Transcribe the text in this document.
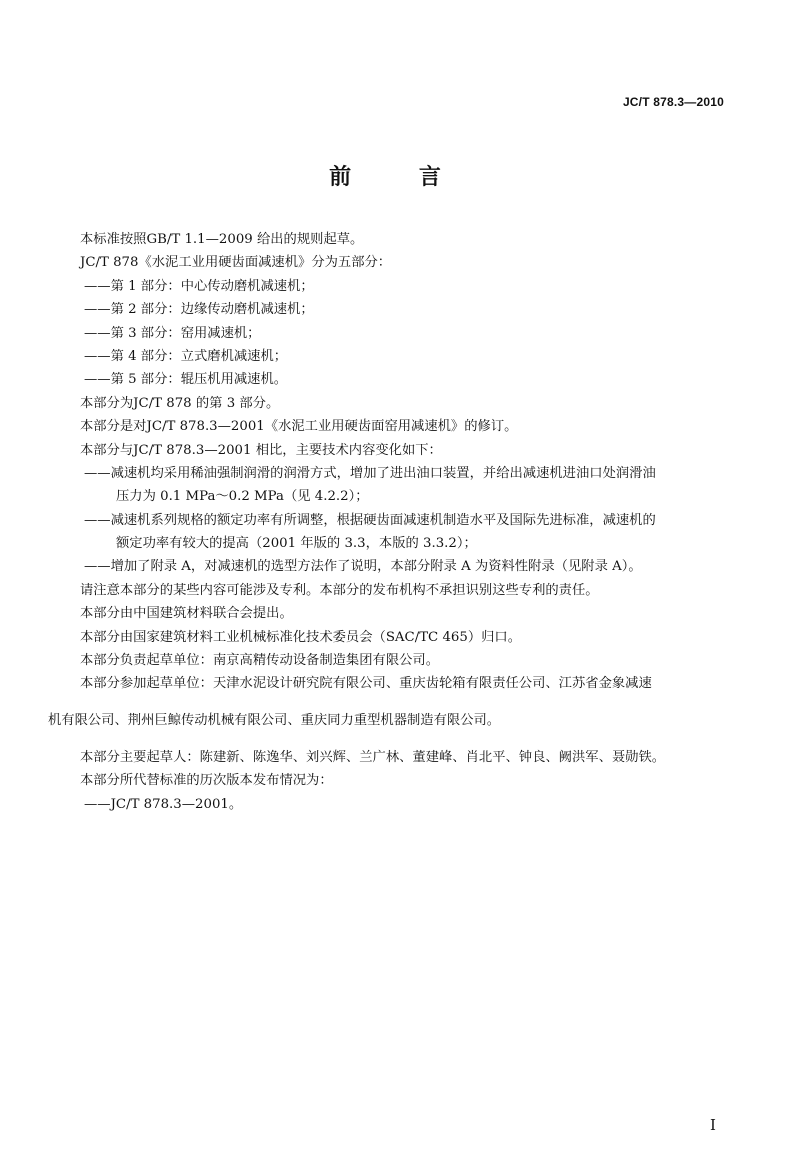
JC/T 878.3—2010
前 言

本标准按照GB/T 1.1—2009 给出的规则起草。

JC/T 878《水泥工业用硬齿面减速机》分为五部分：

——第 1 部分：中心传动磨机减速机；

——第 2 部分：边缘传动磨机减速机；

——第 3 部分：窑用减速机；

——第 4 部分：立式磨机减速机；

——第 5 部分：辊压机用减速机。

本部分为JC/T 878 的第 3 部分。

本部分是对JC/T 878.3—2001《水泥工业用硬齿面窑用减速机》的修订。

本部分与JC/T 878.3—2001 相比，主要技术内容变化如下：

——减速机均采用稀油强制润滑的润滑方式，增加了进出油口装置，并给出减速机进油口处润滑油

压力为 0.1 MPa～0.2 MPa（见 4.2.2）；

——减速机系列规格的额定功率有所调整，根据硬齿面减速机制造水平及国际先进标准，减速机的

额定功率有较大的提高（2001 年版的 3.3，本版的 3.3.2）；

——增加了附录 A，对减速机的选型方法作了说明，本部分附录 A 为资料性附录（见附录 A）。

请注意本部分的某些内容可能涉及专利。本部分的发布机构不承担识别这些专利的责任。

本部分由中国建筑材料联合会提出。

本部分由国家建筑材料工业机械标准化技术委员会（SAC/TC 465）归口。

本部分负责起草单位：南京高精传动设备制造集团有限公司。

本部分参加起草单位：天津水泥设计研究院有限公司、重庆齿轮箱有限责任公司、江苏省金象减速

机有限公司、荆州巨鲸传动机械有限公司、重庆同力重型机器制造有限公司。

本部分主要起草人：陈建新、陈逸华、刘兴辉、兰广林、董建峰、肖北平、钟良、阙洪军、聂勋铁。

本部分所代替标准的历次版本发布情况为：

——JC/T 878.3—2001。

I
